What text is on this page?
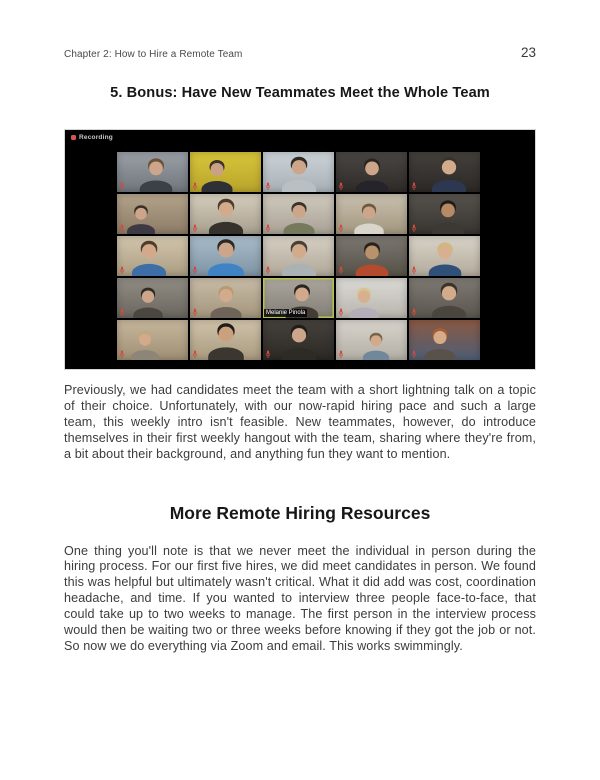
Chapter 2: How to Hire a Remote Team	23
5. Bonus: Have New Teammates Meet the Whole Team
Recording
Melanie Pinola

Previously, we had candidates meet the team with a short lightning talk on a topic of their choice. Unfortunately, with our now-rapid hiring pace and such a large team, this weekly intro isn't feasible. New teammates, however, do introduce themselves in their first weekly hangout with the team, sharing where they're from, a bit about their background, and anything fun they want to mention.

More Remote Hiring Resources

One thing you'll note is that we never meet the individual in person during the hiring process. For our first five hires, we did meet candidates in person. We found this was helpful but ultimately wasn't critical. What it did add was cost, coordination headache, and time. If you wanted to interview three people face-to-face, that could take up to two weeks to manage. The first person in the interview process would then be waiting two or three weeks before knowing if they got the job or not. So now we do everything via Zoom and email. This works swimmingly.
